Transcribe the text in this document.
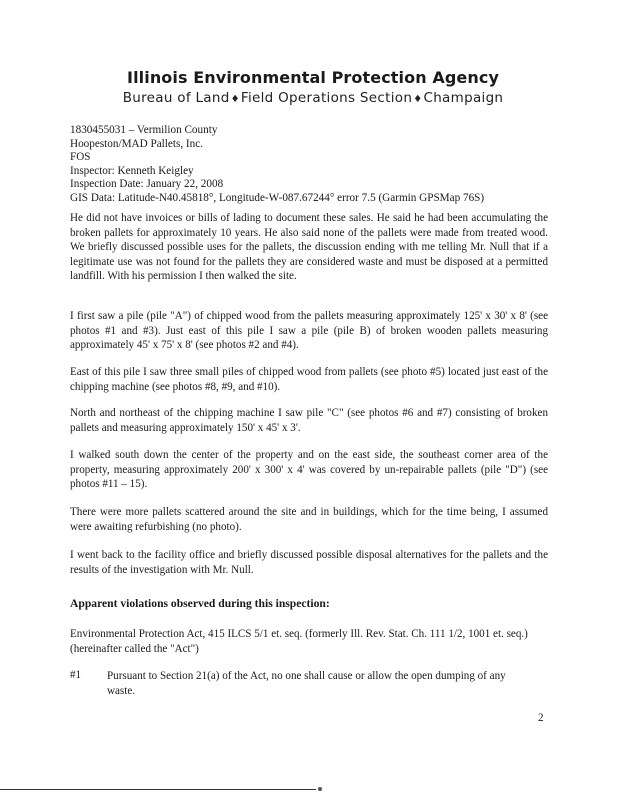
Illinois Environmental Protection Agency
Bureau of Land♦Field Operations Section♦Champaign
1830455031 – Vermilion County
Hoopeston/MAD Pallets, Inc.
FOS
Inspector: Kenneth Keigley
Inspection Date: January 22, 2008
GIS Data: Latitude-N40.45818°, Longitude-W-087.67244° error 7.5 (Garmin GPSMap 76S)

He did not have invoices or bills of lading to document these sales. He said he had been accumulating the broken pallets for approximately 10 years. He also said none of the pallets were made from treated wood. We briefly discussed possible uses for the pallets, the discussion ending with me telling Mr. Null that if a legitimate use was not found for the pallets they are considered waste and must be disposed at a permitted landfill. With his permission I then walked the site.

I first saw a pile (pile "A") of chipped wood from the pallets measuring approximately 125' x 30' x 8' (see photos #1 and #3). Just east of this pile I saw a pile (pile B) of broken wooden pallets measuring approximately 45' x 75' x 8' (see photos #2 and #4).

East of this pile I saw three small piles of chipped wood from pallets (see photo #5) located just east of the chipping machine (see photos #8, #9, and #10).

North and northeast of the chipping machine I saw pile "C" (see photos #6 and #7) consisting of broken pallets and measuring approximately 150' x 45' x 3'.

I walked south down the center of the property and on the east side, the southeast corner area of the property, measuring approximately 200' x 300' x 4' was covered by un-repairable pallets (pile "D") (see photos #11 – 15).

There were more pallets scattered around the site and in buildings, which for the time being, I assumed were awaiting refurbishing (no photo).

I went back to the facility office and briefly discussed possible disposal alternatives for the pallets and the results of the investigation with Mr. Null.

Apparent violations observed during this inspection:

Environmental Protection Act, 415 ILCS 5/1 et. seq. (formerly Ill. Rev. Stat. Ch. 111 1/2, 1001 et. seq.) (hereinafter called the "Act")

#1 Pursuant to Section 21(a) of the Act, no one shall cause or allow the open dumping of any waste.

2
